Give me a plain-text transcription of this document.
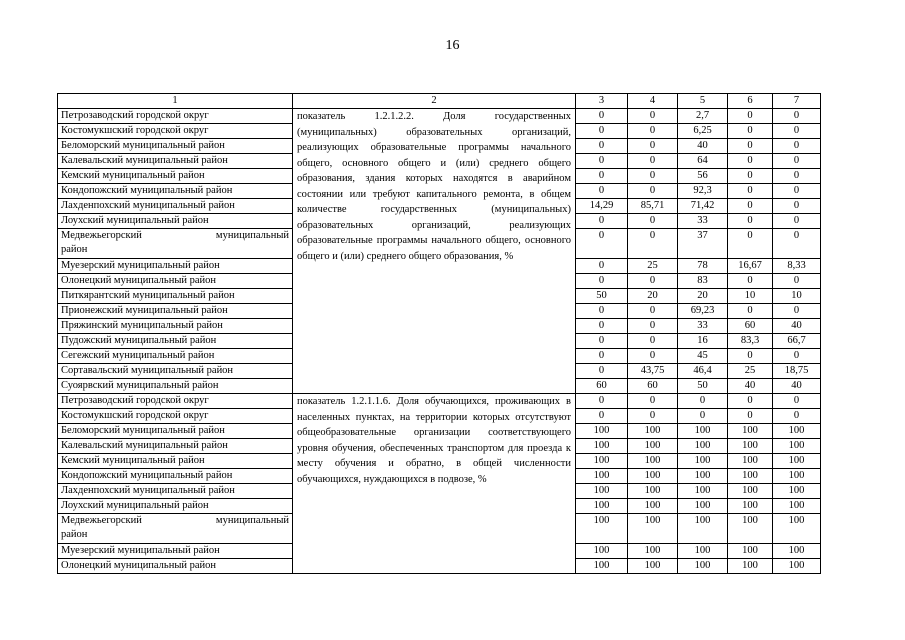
16
1	2	3	4	5	6	7
Петрозаводский городской округ	показатель 1.2.1.2.2. Доля государственных (муниципальных) образовательных организаций, реализующих образовательные программы начального общего, основного общего и (или) среднего общего образования, здания которых находятся в аварийном состоянии или требуют капитального ремонта, в общем количестве государственных (муниципальных) образовательных организаций, реализующих образовательные программы начального общего, основного общего и (или) среднего общего образования, %	0	0	2,7	0	0
Костомукшский городской округ		0	0	6,25	0	0
Беломорский муниципальный район		0	0	40	0	0
Калевальский муниципальный район		0	0	64	0	0
Кемский муниципальный район		0	0	56	0	0
Кондопожский муниципальный район		0	0	92,3	0	0
Лахденпохский муниципальный район		14,29	85,71	71,42	0	0
Лоухский муниципальный район		0	0	33	0	0
Медвежьегорский муниципальный
район		0	0	37	0	0
Муезерский муниципальный район		0	25	78	16,67	8,33
Олонецкий муниципальный район		0	0	83	0	0
Питкярантский муниципальный район		50	20	20	10	10
Прионежский муниципальный район		0	0	69,23	0	0
Пряжинский муниципальный район		0	0	33	60	40
Пудожский муниципальный район		0	0	16	83,3	66,7
Сегежский муниципальный район		0	0	45	0	0
Сортавальский муниципальный район		0	43,75	46,4	25	18,75
Суоярвский муниципальный район		60	60	50	40	40
Петрозаводский городской округ	показатель 1.2.1.1.6. Доля обучающихся, проживающих в населенных пунктах, на территории которых отсутствуют общеобразовательные организации соответствующего уровня обучения, обеспеченных транспортом для проезда к месту обучения и обратно, в общей численности обучающихся, нуждающихся в подвозе, %	0	0	0	0	0
Костомукшский городской округ		0	0	0	0	0
Беломорский муниципальный район		100	100	100	100	100
Калевальский муниципальный район		100	100	100	100	100
Кемский муниципальный район		100	100	100	100	100
Кондопожский муниципальный район		100	100	100	100	100
Лахденпохский муниципальный район		100	100	100	100	100
Лоухский муниципальный район		100	100	100	100	100
Медвежьегорский муниципальный
район		100	100	100	100	100
Муезерский муниципальный район		100	100	100	100	100
Олонецкий муниципальный район		100	100	100	100	100
